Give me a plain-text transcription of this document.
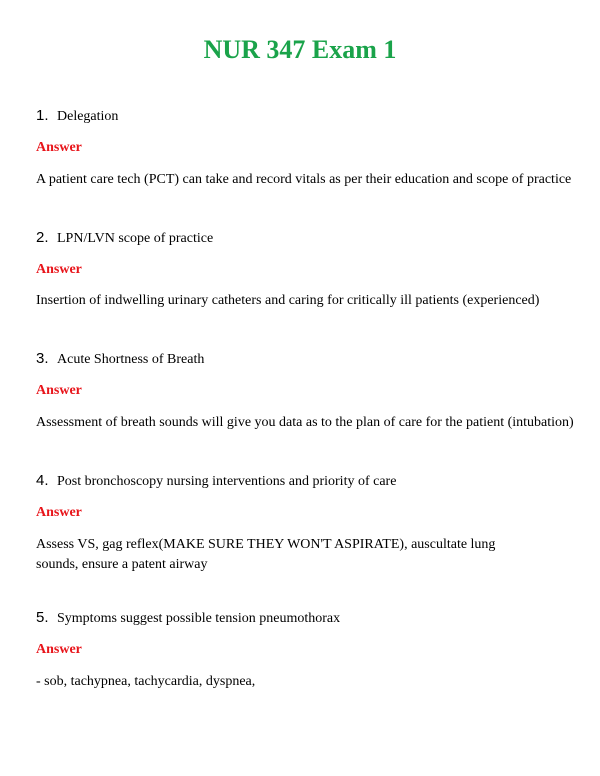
NUR 347 Exam 1
1. Delegation
Answer
A patient care tech (PCT) can take and record vitals as per their education and scope of practice
2. LPN/LVN scope of practice
Answer
Insertion of indwelling urinary catheters and caring for critically ill patients (experienced)
3. Acute Shortness of Breath
Answer
Assessment of breath sounds will give you data as to the plan of care for the patient (intubation)
4. Post bronchoscopy nursing interventions and priority of care
Answer
Assess VS, gag reflex(MAKE SURE THEY WON'T ASPIRATE), auscultate lung sounds, ensure a patent airway
5. Symptoms suggest possible tension pneumothorax
Answer
- sob, tachypnea, tachycardia, dyspnea,
